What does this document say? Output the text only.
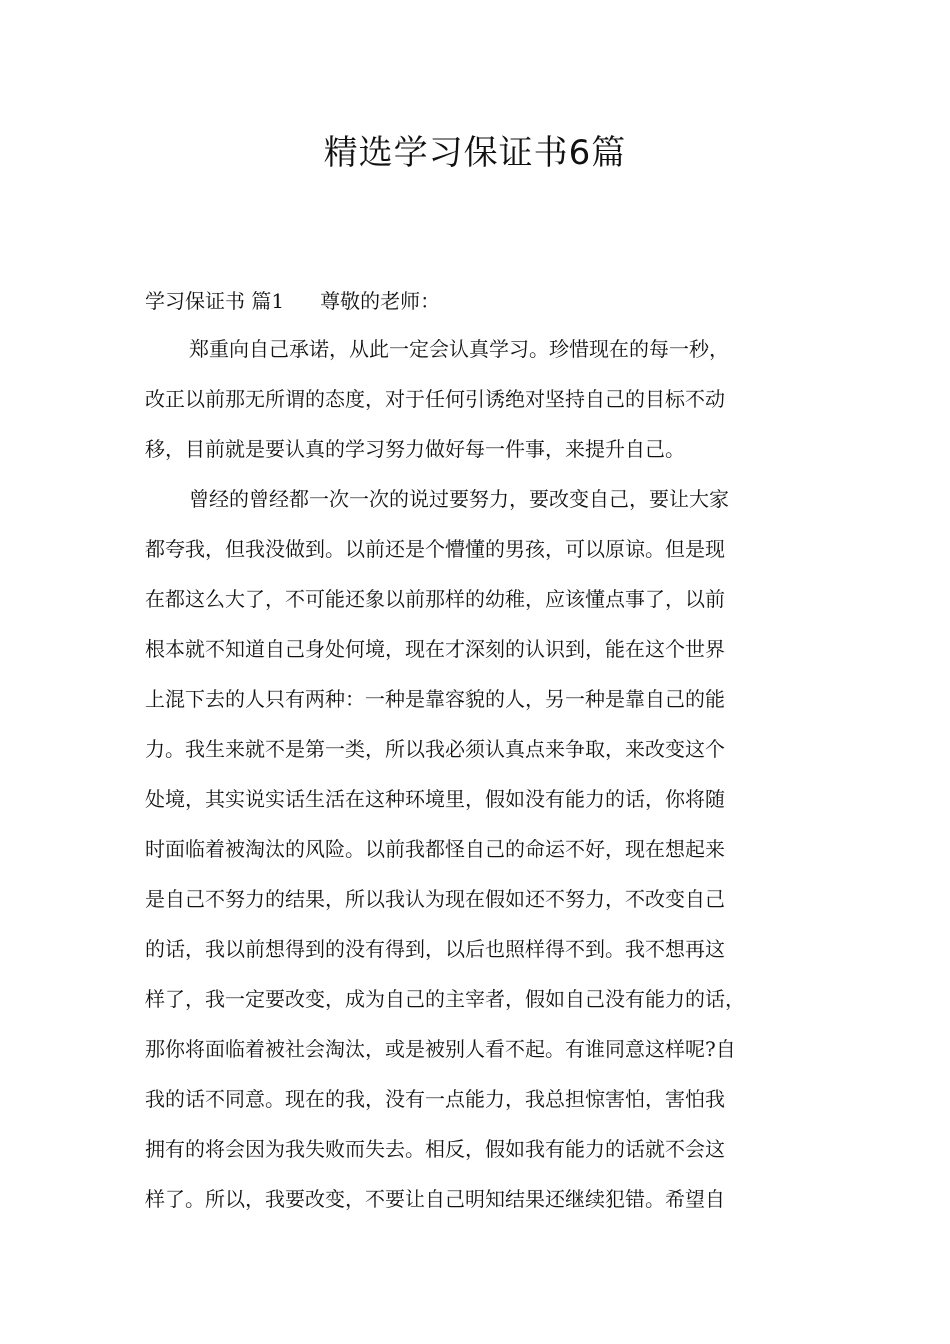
精选学习保证书6篇
学习保证书 篇1 尊敬的老师：
郑重向自己承诺，从此一定会认真学习。珍惜现在的每一秒，
改正以前那无所谓的态度，对于任何引诱绝对坚持自己的目标不动
移，目前就是要认真的学习努力做好每一件事，来提升自己。
曾经的曾经都一次一次的说过要努力，要改变自己，要让大家
都夸我，但我没做到。以前还是个懵懂的男孩，可以原谅。但是现
在都这么大了，不可能还象以前那样的幼稚，应该懂点事了，以前
根本就不知道自己身处何境，现在才深刻的认识到，能在这个世界
上混下去的人只有两种：一种是靠容貌的人，另一种是靠自己的能
力。我生来就不是第一类，所以我必须认真点来争取，来改变这个
处境，其实说实话生活在这种环境里，假如没有能力的话，你将随
时面临着被淘汰的风险。以前我都怪自己的命运不好，现在想起来
是自己不努力的结果，所以我认为现在假如还不努力，不改变自己
的话，我以前想得到的没有得到，以后也照样得不到。我不想再这
样了，我一定要改变，成为自己的主宰者，假如自己没有能力的话，
那你将面临着被社会淘汰，或是被别人看不起。有谁同意这样呢?自
我的话不同意。现在的我，没有一点能力，我总担惊害怕，害怕我
拥有的将会因为我失败而失去。相反，假如我有能力的话就不会这
样了。所以，我要改变，不要让自己明知结果还继续犯错。希望自
